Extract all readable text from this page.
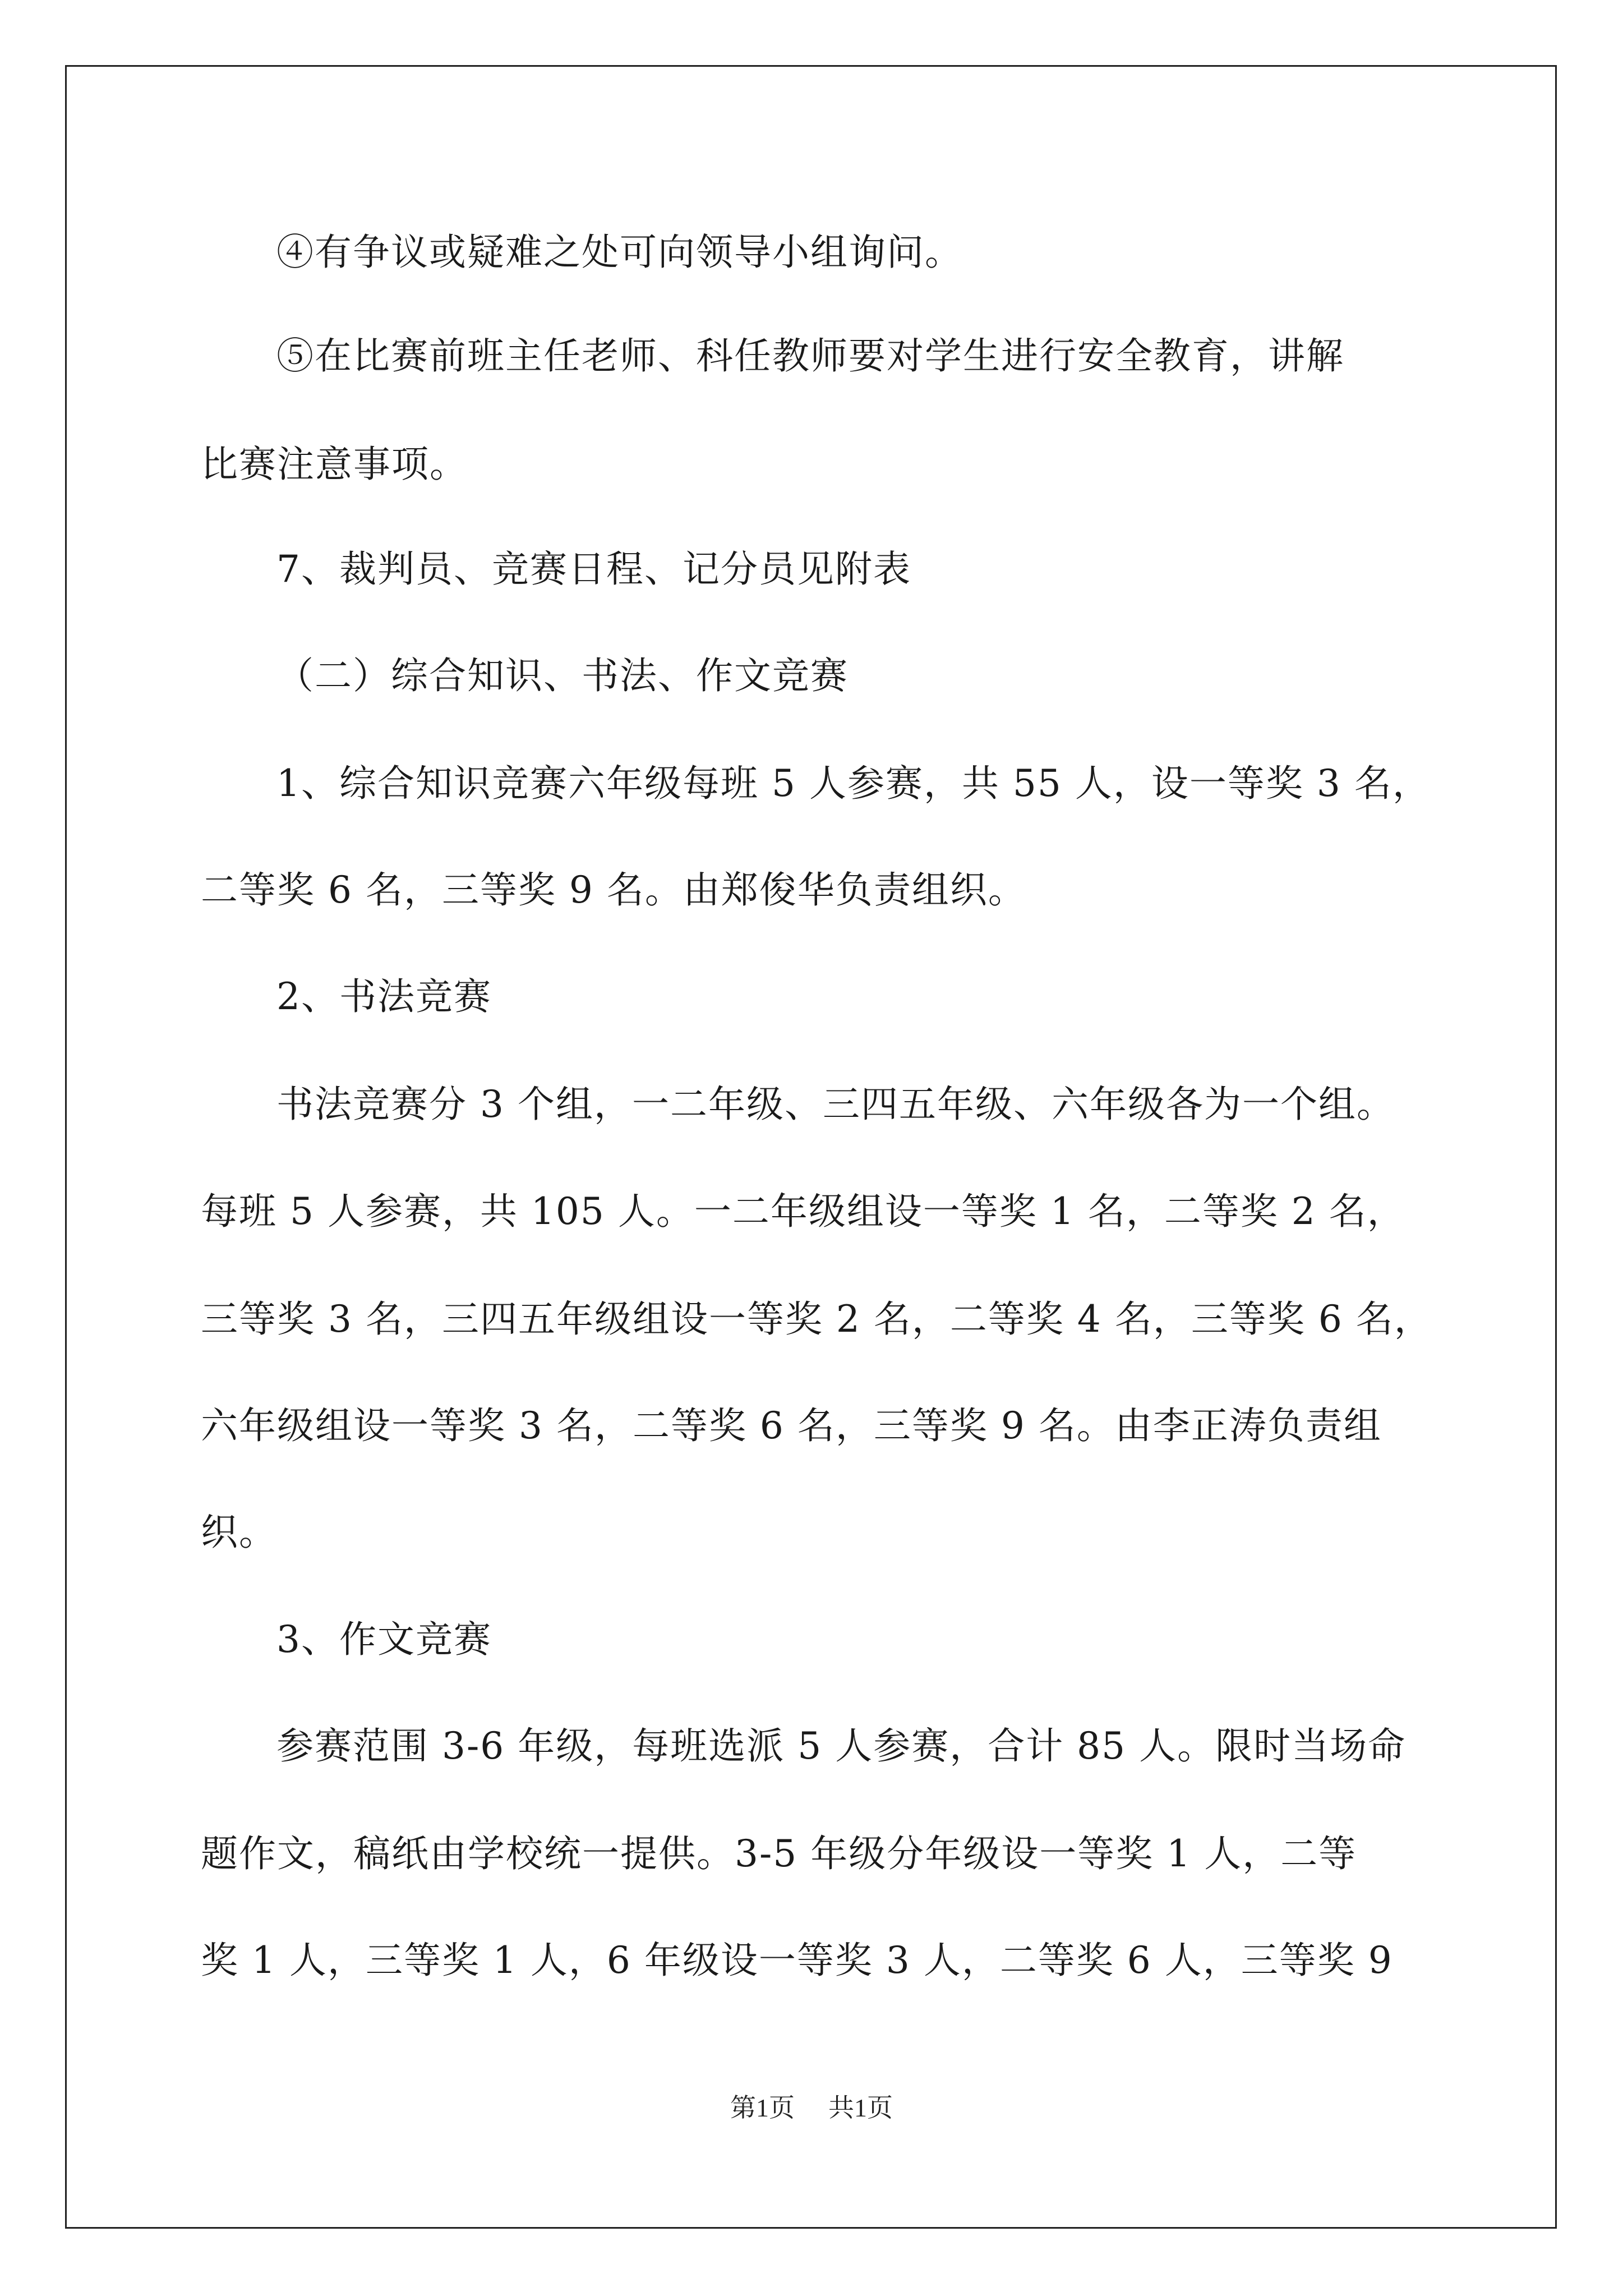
④有争议或疑难之处可向领导小组询问。
⑤在比赛前班主任老师、科任教师要对学生进行安全教育，讲解
比赛注意事项。
7、裁判员、竞赛日程、记分员见附表
（二）综合知识、书法、作文竞赛
1、综合知识竞赛六年级每班 5 人参赛，共 55 人，设一等奖 3 名，
二等奖 6 名，三等奖 9 名。由郑俊华负责组织。
2、书法竞赛
书法竞赛分 3 个组，一二年级、三四五年级、六年级各为一个组。
每班 5 人参赛，共 105 人。一二年级组设一等奖 1 名，二等奖 2 名，
三等奖 3 名，三四五年级组设一等奖 2 名，二等奖 4 名，三等奖 6 名，
六年级组设一等奖 3 名，二等奖 6 名，三等奖 9 名。由李正涛负责组
织。
3、作文竞赛
参赛范围 3-6 年级，每班选派 5 人参赛，合计 85 人。限时当场命
题作文，稿纸由学校统一提供。3-5 年级分年级设一等奖 1 人，二等
奖 1 人，三等奖 1 人，6 年级设一等奖 3 人，二等奖 6 人，三等奖 9
第1页 共1页
